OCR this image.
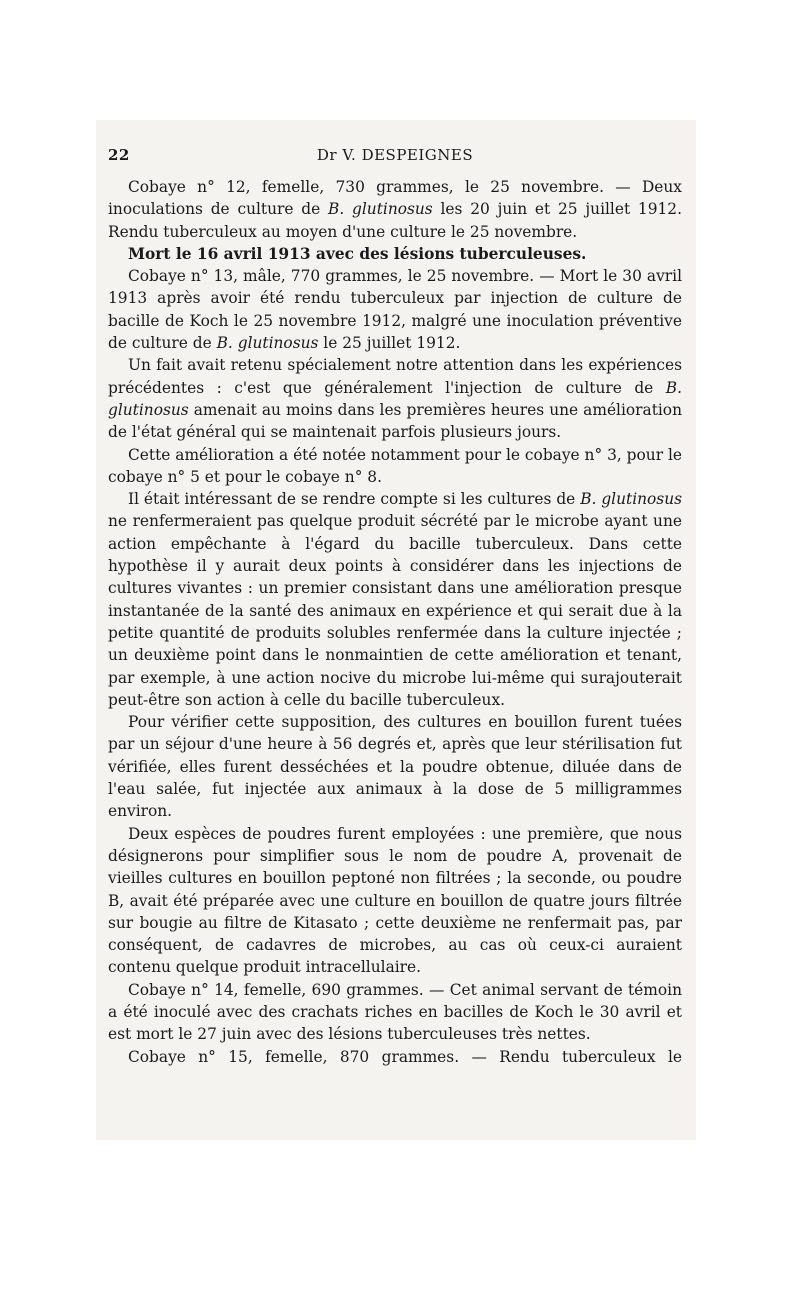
22	Dr V. DESPEIGNES

Cobaye n° 12, femelle, 730 grammes, le 25 novembre. — Deux inoculations de culture de B. glutinosus les 20 juin et 25 juillet 1912. Rendu tuberculeux au moyen d'une culture le 25 novembre.

Mort le 16 avril 1913 avec des lésions tuberculeuses.

Cobaye n° 13, mâle, 770 grammes, le 25 novembre. — Mort le 30 avril 1913 après avoir été rendu tuberculeux par injection de culture de bacille de Koch le 25 novembre 1912, malgré une inoculation préventive de culture de B. glutinosus le 25 juillet 1912.

Un fait avait retenu spécialement notre attention dans les expériences précédentes : c'est que généralement l'injection de culture de B. glutinosus amenait au moins dans les premières heures une amélioration de l'état général qui se maintenait parfois plusieurs jours.

Cette amélioration a été notée notamment pour le cobaye n° 3, pour le cobaye n° 5 et pour le cobaye n° 8.

Il était intéressant de se rendre compte si les cultures de B. glutinosus ne renfermeraient pas quelque produit sécrété par le microbe ayant une action empêchante à l'égard du bacille tuberculeux. Dans cette hypothèse il y aurait deux points à considérer dans les injections de cultures vivantes : un premier consistant dans une amélioration presque instantanée de la santé des animaux en expérience et qui serait due à la petite quantité de produits solubles renfermée dans la culture injectée ; un deuxième point dans le nonmaintien de cette amélioration et tenant, par exemple, à une action nocive du microbe lui-même qui surajouterait peut-être son action à celle du bacille tuberculeux.

Pour vérifier cette supposition, des cultures en bouillon furent tuées par un séjour d'une heure à 56 degrés et, après que leur stérilisation fut vérifiée, elles furent desséchées et la poudre obtenue, diluée dans de l'eau salée, fut injectée aux animaux à la dose de 5 milligrammes environ.

Deux espèces de poudres furent employées : une première, que nous désignerons pour simplifier sous le nom de poudre A, provenait de vieilles cultures en bouillon peptoné non filtrées ; la seconde, ou poudre B, avait été préparée avec une culture en bouillon de quatre jours filtrée sur bougie au filtre de Kitasato ; cette deuxième ne renfermait pas, par conséquent, de cadavres de microbes, au cas où ceux-ci auraient contenu quelque produit intracellulaire.

Cobaye n° 14, femelle, 690 grammes. — Cet animal servant de témoin a été inoculé avec des crachats riches en bacilles de Koch le 30 avril et est mort le 27 juin avec des lésions tuberculeuses très nettes.

Cobaye n° 15, femelle, 870 grammes. — Rendu tuberculeux le
